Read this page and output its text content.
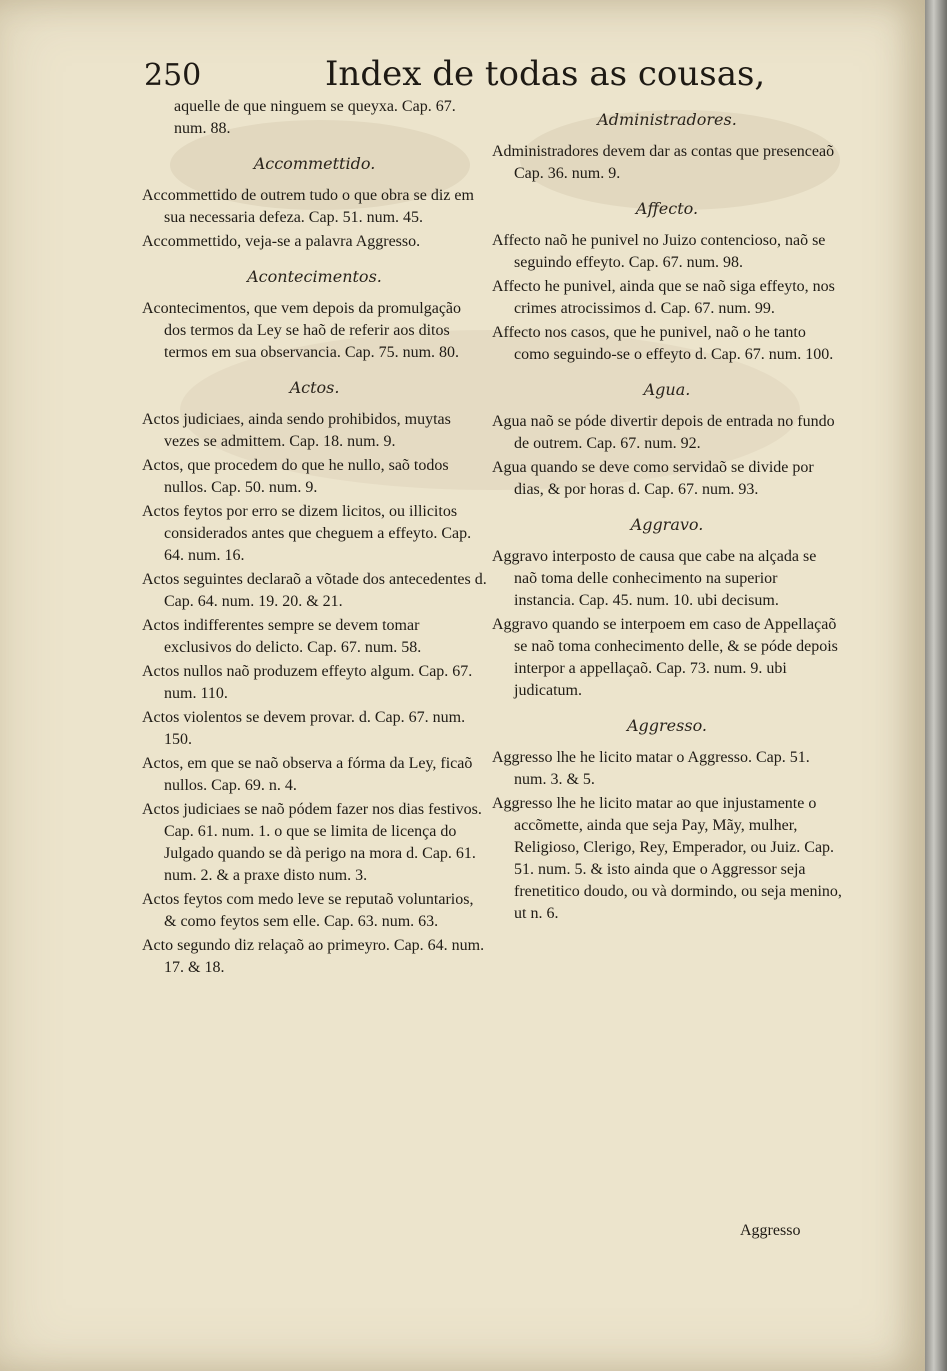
250	Index de todas as cousas,
aquelle de que ninguem se queyxa. Cap. 67. num. 88.
Accommettido.
Accommettido de outrem tudo o que obra se diz em sua necessaria defeza. Cap. 51. num. 45.
Accommettido, veja-se a palavra Aggresso.
Acontecimentos.
Acontecimentos, que vem depois da promulgação dos termos da Ley se haõ de referir aos ditos termos em sua observancia. Cap. 75. num. 80.
Actos.
Actos judiciaes, ainda sendo prohibidos, muytas vezes se admittem. Cap. 18. num. 9.
Actos, que procedem do que he nullo, saõ todos nullos. Cap. 50. num. 9.
Actos feytos por erro se dizem licitos, ou illicitos considerados antes que cheguem a effeyto. Cap. 64. num. 16.
Actos seguintes declaraõ a võtade dos antecedentes d. Cap. 64. num. 19. 20. & 21.
Actos indifferentes sempre se devem tomar exclusivos do delicto. Cap. 67. num. 58.
Actos nullos naõ produzem effeyto algum. Cap. 67. num. 110.
Actos violentos se devem provar. d. Cap. 67. num. 150.
Actos, em que se naõ observa a fórma da Ley, ficaõ nullos. Cap. 69. n. 4.
Actos judiciaes se naõ pódem fazer nos dias festivos. Cap. 61. num. 1. o que se limita de licença do Julgado quando se dà perigo na mora d. Cap. 61. num. 2. & a praxe disto num. 3.
Actos feytos com medo leve se reputaõ voluntarios, & como feytos sem elle. Cap. 63. num. 63.
Acto segundo diz relaçaõ ao primeyro. Cap. 64. num. 17. & 18.
Administradores.
Administradores devem dar as contas que presenceaõ Cap. 36. num. 9.
Affecto.
Affecto naõ he punivel no Juizo contencioso, naõ se seguindo effeyto. Cap. 67. num. 98.
Affecto he punivel, ainda que se naõ siga effeyto, nos crimes atrocissimos d. Cap. 67. num. 99.
Affecto nos casos, que he punivel, naõ o he tanto como seguindo-se o effeyto d. Cap. 67. num. 100.
Agua.
Agua naõ se póde divertir depois de entrada no fundo de outrem. Cap. 67. num. 92.
Agua quando se deve como servidaõ se divide por dias, & por horas d. Cap. 67. num. 93.
Aggravo.
Aggravo interposto de causa que cabe na alçada se naõ toma delle conhecimento na superior instancia. Cap. 45. num. 10. ubi decisum.
Aggravo quando se interpoem em caso de Appellaçaõ se naõ toma conhecimento delle, & se póde depois interpor a appellaçaõ. Cap. 73. num. 9. ubi judicatum.
Aggresso.
Aggresso lhe he licito matar o Aggresso. Cap. 51. num. 3. & 5.
Aggresso lhe he licito matar ao que injustamente o accõmette, ainda que seja Pay, Mãy, mulher, Religioso, Clerigo, Rey, Emperador, ou Juiz. Cap. 51. num. 5. & isto ainda que o Aggressor seja frenetitico doudo, ou và dormindo, ou seja menino, ut n. 6.
Aggresso
